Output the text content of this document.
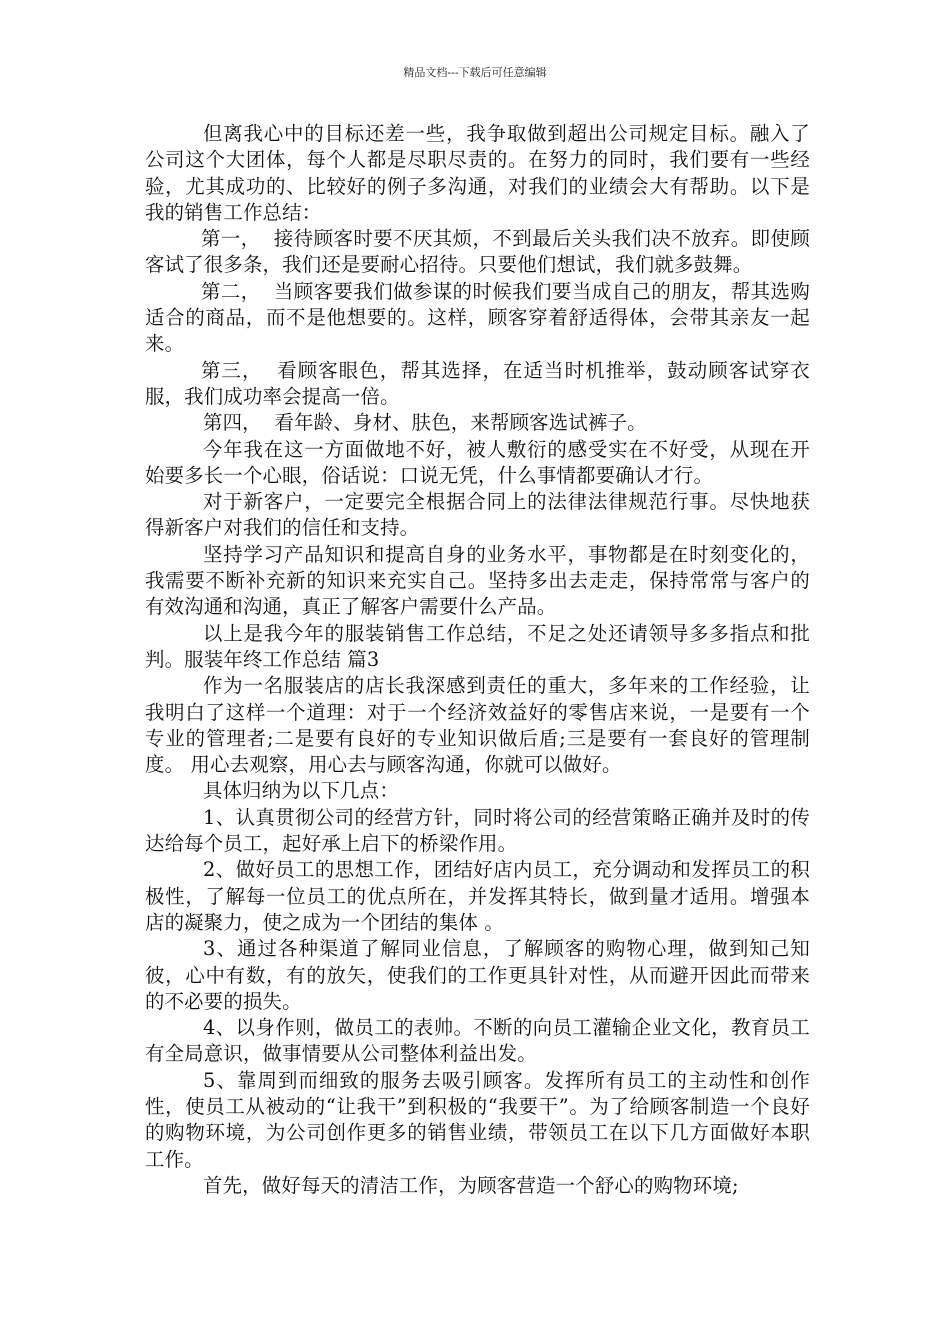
精品文档---下载后可任意编辑

但离我心中的目标还差一些，我争取做到超出公司规定目标。融入了公司这个大团体，每个人都是尽职尽责的。在努力的同时，我们要有一些经验，尤其成功的、比较好的例子多沟通，对我们的业绩会大有帮助。以下是我的销售工作总结：

第一，  接待顾客时要不厌其烦，不到最后关头我们决不放弃。即使顾客试了很多条，我们还是要耐心招待。只要他们想试，我们就多鼓舞。

第二，  当顾客要我们做参谋的时候我们要当成自己的朋友，帮其选购适合的商品，而不是他想要的。这样，顾客穿着舒适得体，会带其亲友一起来。

第三，  看顾客眼色，帮其选择，在适当时机推举，鼓动顾客试穿衣服，我们成功率会提高一倍。

第四，  看年龄、身材、肤色，来帮顾客选试裤子。

今年我在这一方面做地不好，被人敷衍的感受实在不好受，从现在开始要多长一个心眼，俗话说：口说无凭，什么事情都要确认才行。

对于新客户，一定要完全根据合同上的法律法律规范行事。尽快地获得新客户对我们的信任和支持。

坚持学习产品知识和提高自身的业务水平，事物都是在时刻变化的，我需要不断补充新的知识来充实自己。坚持多出去走走，保持常常与客户的有效沟通和沟通，真正了解客户需要什么产品。

以上是我今年的服装销售工作总结，不足之处还请领导多多指点和批判。服装年终工作总结 篇3

作为一名服装店的店长我深感到责任的重大，多年来的工作经验，让我明白了这样一个道理：对于一个经济效益好的零售店来说，一是要有一个专业的管理者;二是要有良好的专业知识做后盾;三是要有一套良好的管理制度。 用心去观察，用心去与顾客沟通，你就可以做好。

具体归纳为以下几点：

1、认真贯彻公司的经营方针，同时将公司的经营策略正确并及时的传达给每个员工，起好承上启下的桥梁作用。

2、做好员工的思想工作，团结好店内员工，充分调动和发挥员工的积极性，了解每一位员工的优点所在，并发挥其特长，做到量才适用。增强本店的凝聚力，使之成为一个团结的集体 。

3、通过各种渠道了解同业信息，了解顾客的购物心理，做到知己知彼，心中有数，有的放矢，使我们的工作更具针对性，从而避开因此而带来的不必要的损失。

4、以身作则，做员工的表帅。不断的向员工灌输企业文化，教育员工有全局意识，做事情要从公司整体利益出发。

5、靠周到而细致的服务去吸引顾客。发挥所有员工的主动性和创作性，使员工从被动的“让我干”到积极的“我要干”。为了给顾客制造一个良好的购物环境，为公司创作更多的销售业绩，带领员工在以下几方面做好本职工作。

首先，做好每天的清洁工作，为顾客营造一个舒心的购物环境;
